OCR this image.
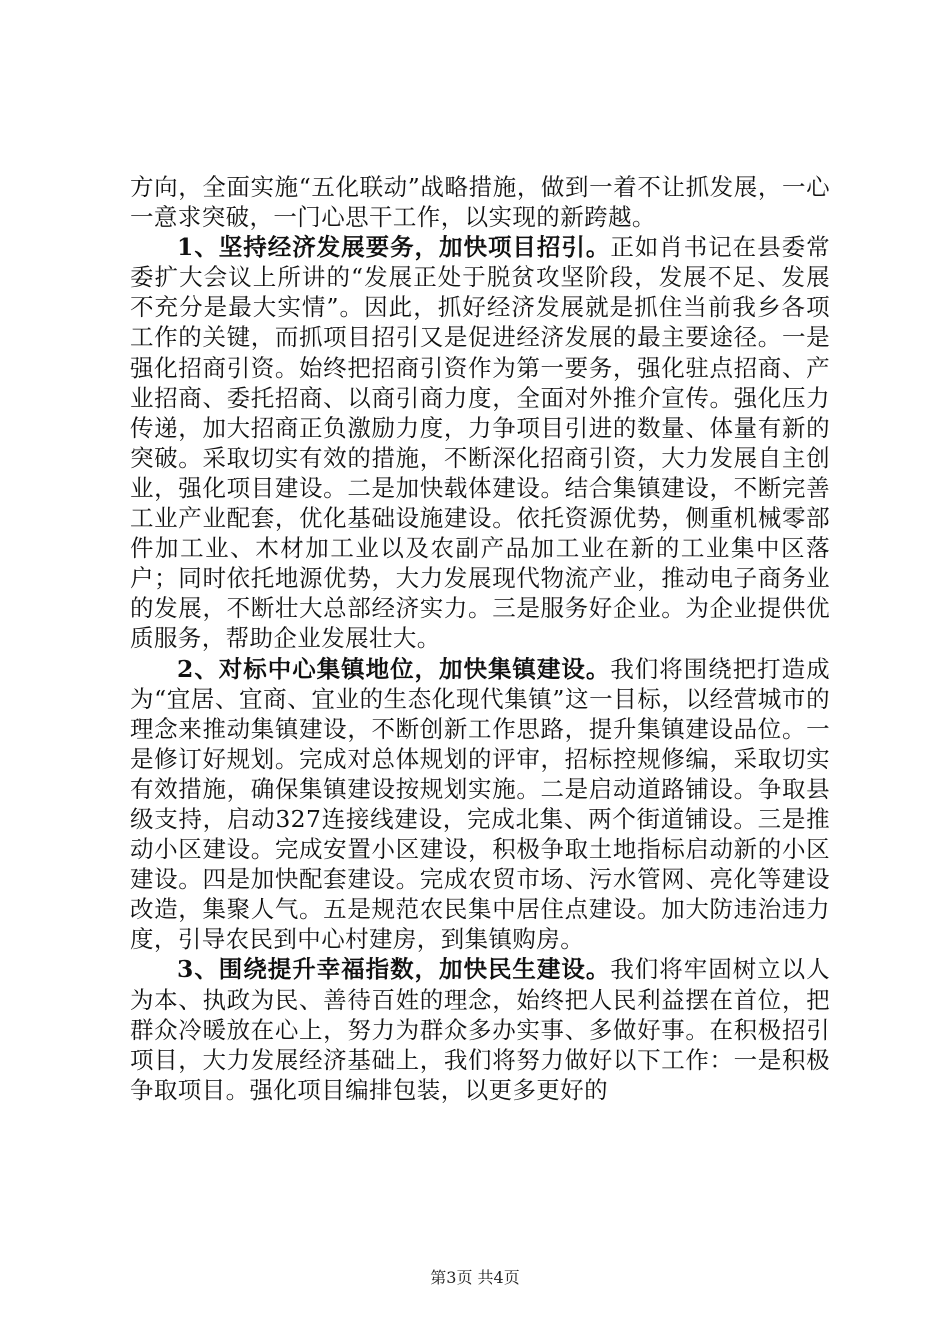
方向，全面实施“五化联动”战略措施，做到一着不让抓发展，一心一意求突破，一门心思干工作，以实现的新跨越。

1、坚持经济发展要务，加快项目招引。正如肖书记在县委常委扩大会议上所讲的“发展正处于脱贫攻坚阶段，发展不足、发展不充分是最大实情”。因此，抓好经济发展就是抓住当前我乡各项工作的关键，而抓项目招引又是促进经济发展的最主要途径。一是强化招商引资。始终把招商引资作为第一要务，强化驻点招商、产业招商、委托招商、以商引商力度，全面对外推介宣传。强化压力传递，加大招商正负激励力度，力争项目引进的数量、体量有新的突破。采取切实有效的措施，不断深化招商引资，大力发展自主创业，强化项目建设。二是加快载体建设。结合集镇建设，不断完善工业产业配套，优化基础设施建设。依托资源优势，侧重机械零部件加工业、木材加工业以及农副产品加工业在新的工业集中区落户；同时依托地源优势，大力发展现代物流产业，推动电子商务业的发展，不断壮大总部经济实力。三是服务好企业。为企业提供优质服务，帮助企业发展壮大。

2、对标中心集镇地位，加快集镇建设。我们将围绕把打造成为“宜居、宜商、宜业的生态化现代集镇”这一目标，以经营城市的理念来推动集镇建设，不断创新工作思路，提升集镇建设品位。一是修订好规划。完成对总体规划的评审，招标控规修编，采取切实有效措施，确保集镇建设按规划实施。二是启动道路铺设。争取县级支持，启动327连接线建设，完成北集、两个街道铺设。三是推动小区建设。完成安置小区建设，积极争取土地指标启动新的小区建设。四是加快配套建设。完成农贸市场、污水管网、亮化等建设改造，集聚人气。五是规范农民集中居住点建设。加大防违治违力度，引导农民到中心村建房，到集镇购房。

3、围绕提升幸福指数，加快民生建设。我们将牢固树立以人为本、执政为民、善待百姓的理念，始终把人民利益摆在首位，把群众冷暖放在心上，努力为群众多办实事、多做好事。在积极招引项目，大力发展经济基础上，我们将努力做好以下工作：一是积极争取项目。强化项目编排包装，以更多更好的

第3页 共4页
